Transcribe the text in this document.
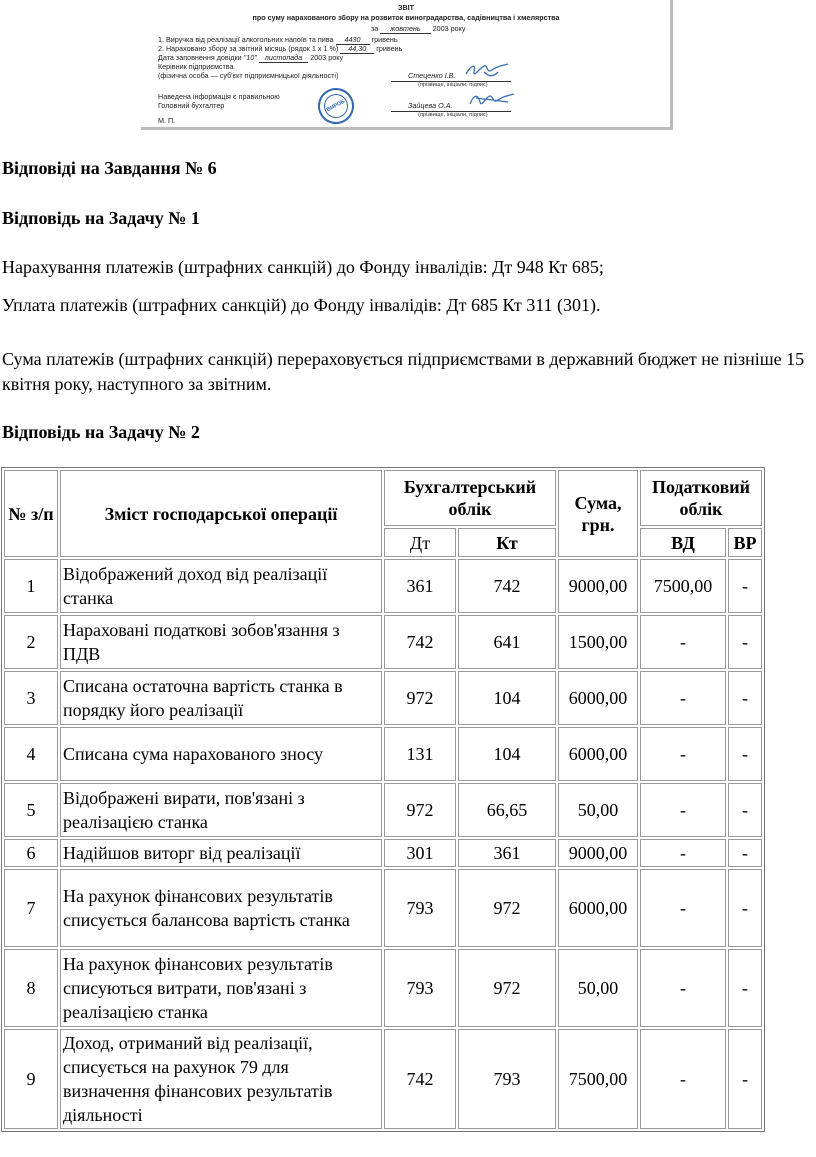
ЗВІТ
про суму нарахованого збору на розвиток виноградарства, садівництва і хмелярства
за жовтень 2003 року
1. Виручка від реалізації алкогольних напоїв та пива 4430 гривень
2. Нараховано збору за звітний місяць (рядок 1 х 1 %) 44,30 гривень
Дата заповнення довідки "10" листопада 2003 року
Керівник підприємства
(фізична особа — суб'єкт підприємницької діяльності)	Стеценко І.В.
(прізвище, ініціали, підпис)
Наведена інформація є правильною
Головний бухгалтер	Зайцева О.А.
(прізвище, ініціали, підпис)
М. П.
ВИРОБ
Відповіді на Завдання № 6
Відповідь на Задачу № 1
Нарахування платежів (штрафних санкцій) до Фонду інвалідів: Дт 948 Кт 685;
Уплата платежів (штрафних санкцій) до Фонду інвалідів: Дт 685 Кт 311 (301).
Сума платежів (штрафних санкцій) перераховується підприємствами в державний бюджет не пізніше 15 квітня року, наступного за звітним.
Відповідь на Задачу № 2
№ з/п	Зміст господарської операції	Бухгалтерський облік		Сума, грн.	Податковий облік	
		Дт	Кт		ВД	ВР
1	Відображений доход від реалізації станка	361	742	9000,00	7500,00	-
2	Нараховані податкові зобов'язання з ПДВ	742	641	1500,00	-	-
3	Списана остаточна вартість станка в порядку його реалізації	972	104	6000,00	-	-
4	Списана сума нарахованого зносу	131	104	6000,00	-	-
5	Відображені вирати, пов'язані з реалізацією станка	972	66,65	50,00	-	-
6	Надійшов виторг від реалізації	301	361	9000,00	-	-
7	На рахунок фінансових результатів списується балансова вартість станка	793	972	6000,00	-	-
8	На рахунок фінансових результатів списуються витрати, пов'язані з реалізацією станка	793	972	50,00	-	-
9	Доход, отриманий від реалізації, списується на рахунок 79 для визначення фінансових результатів діяльності	742	793	7500,00	-	-
